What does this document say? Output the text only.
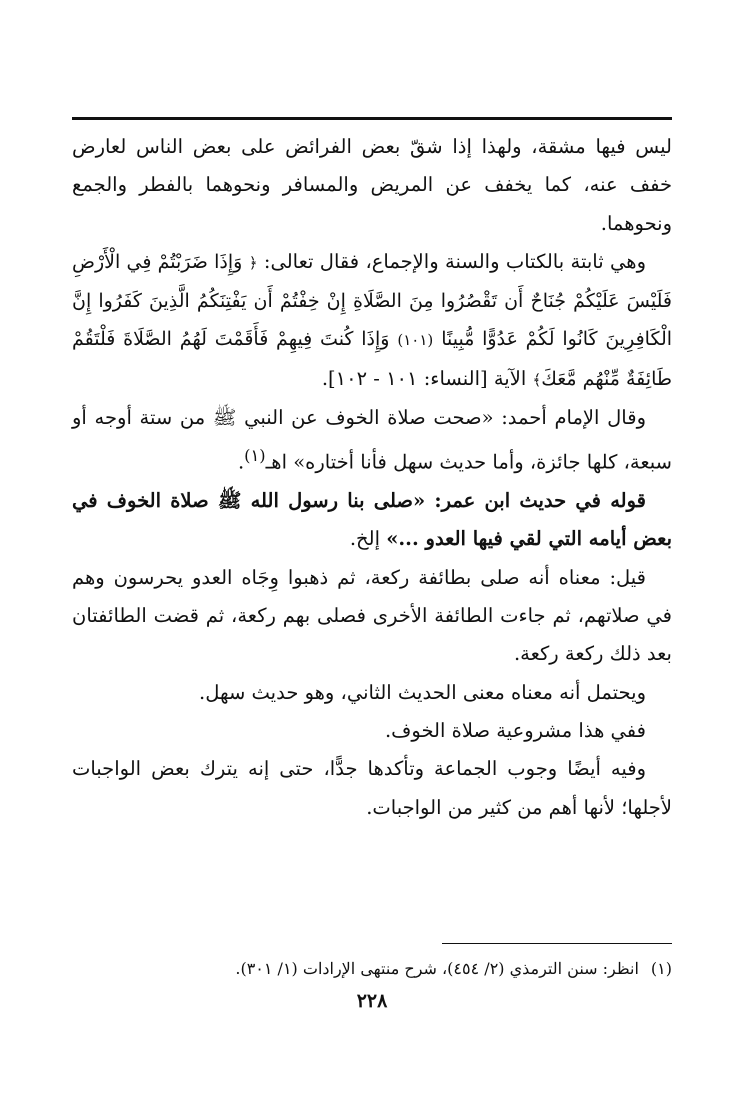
ليس فيها مشقة، ولهذا إذا شقّ بعض الفرائض على بعض الناس لعارض خفف عنه، كما يخفف عن المريض والمسافر ونحوهما بالفطر والجمع ونحوهما.

وهي ثابتة بالكتاب والسنة والإجماع، فقال تعالى: ﴿ وَإِذَا ضَرَبْتُمْ فِي الْأَرْضِ فَلَيْسَ عَلَيْكُمْ جُنَاحٌ أَن تَقْصُرُوا مِنَ الصَّلَاةِ إِنْ خِفْتُمْ أَن يَفْتِنَكُمُ الَّذِينَ كَفَرُوا إِنَّ الْكَافِرِينَ كَانُوا لَكُمْ عَدُوًّا مُّبِينًا (١٠١) وَإِذَا كُنتَ فِيهِمْ فَأَقَمْتَ لَهُمُ الصَّلَاةَ فَلْتَقُمْ طَائِفَةٌ مِّنْهُم مَّعَكَ﴾ الآية [النساء: ١٠١ - ١٠٢].

وقال الإمام أحمد: «صحت صلاة الخوف عن النبي ﷺ من ستة أوجه أو سبعة، كلها جائزة، وأما حديث سهل فأنا أختاره» اهـ$^{(١)}$.

قوله في حديث ابن عمر: «صلى بنا رسول الله ﷺ صلاة الخوف في بعض أيامه التي لقي فيها العدو ...» إلخ.

قيل: معناه أنه صلى بطائفة ركعة، ثم ذهبوا وِجَاه العدو يحرسون وهم في صلاتهم، ثم جاءت الطائفة الأخرى فصلى بهم ركعة، ثم قضت الطائفتان بعد ذلك ركعة ركعة.

ويحتمل أنه معناه معنى الحديث الثاني، وهو حديث سهل.

ففي هذا مشروعية صلاة الخوف.

وفيه أيضًا وجوب الجماعة وتأكدها جدًّا، حتى إنه يترك بعض الواجبات لأجلها؛ لأنها أهم من كثير من الواجبات.

(١)انظر: سنن الترمذي (٢/ ٤٥٤)، شرح منتهى الإرادات (١/ ٣٠١).
٢٢٨
